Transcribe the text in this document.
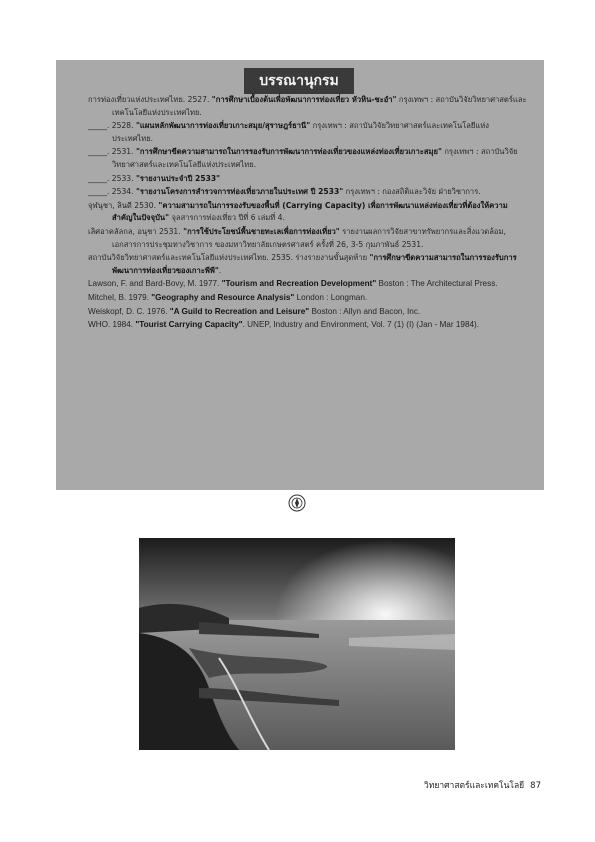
การท่องเที่ยวแห่งประเทศไทย. 2527. "การศึกษาเบื้องต้นเพื่อพัฒนาการท่องเที่ยว หัวหิน-ชะอำ" กรุงเทพฯ : สถาบันวิจัยวิทยาศาสตร์และเทคโนโลยีแห่งประเทศไทย.

_____. 2528. "แผนหลักพัฒนาการท่องเที่ยวเกาะสมุย/สุราษฎร์ธานี" กรุงเทพฯ : สถาบันวิจัยวิทยาศาสตร์และเทคโนโลยีแห่งประเทศไทย.

_____. 2531. "การศึกษาขีดความสามารถในการรองรับการพัฒนาการท่องเที่ยวของแหล่งท่องเที่ยวเกาะสมุย" กรุงเทพฯ : สถาบันวิจัยวิทยาศาสตร์และเทคโนโลยีแห่งประเทศไทย.

_____. 2533. "รายงานประจำปี 2533"

_____. 2534. "รายงานโครงการสำรวจการท่องเที่ยวภายในประเทศ ปี 2533" กรุงเทพฯ : กองสถิติและวิจัย ฝ่ายวิชาการ.

จุฬนุชา, ลินดี 2530. "ความสามารถในการรองรับของพื้นที่ (Carrying Capacity) เพื่อการพัฒนาแหล่งท่องเที่ยวที่ต้องให้ความสำคัญในปัจจุบัน" จุลสารการท่องเที่ยว ปีที่ 6 เล่มที่ 4.

เลิศอาคลัลกล, อนุชา 2531. "การใช้ประโยชน์พื้นชายทะเลเพื่อการท่องเที่ยว" รายงานผลการวิจัยสาขาทรัพยากรและสิ่งแวดล้อม, เอกสารการประชุมทางวิชาการ ของมหาวิทยาลัยเกษตรศาสตร์ ครั้งที่ 26, 3-5 กุมภาพันธ์ 2531.

สถาบันวิจัยวิทยาศาสตร์และเทคโนโลยีแห่งประเทศไทย. 2535. ร่างรายงานขั้นสุดท้าย "การศึกษาขีดความสามารถในการรองรับการพัฒนาการท่องเที่ยวของเกาะพีพี".

Lawson, F. and Bard-Bovy, M. 1977. "Tourism and Recreation Development" Boston : The Architectural Press.

Mitchel, B. 1979. "Geography and Resource Analysis" London : Longman.

Weiskopf, D. C. 1976. "A Guild to Recreation and Leisure" Boston : Allyn and Bacon, Inc.

WHO. 1984. "Tourist Carrying Capacity". UNEP, Industry and Environment, Vol. 7 (1) (I) (Jan - Mar 1984).

บรรณานุกรม
วิทยาศาสตร์และเทคโนโลยี 87
